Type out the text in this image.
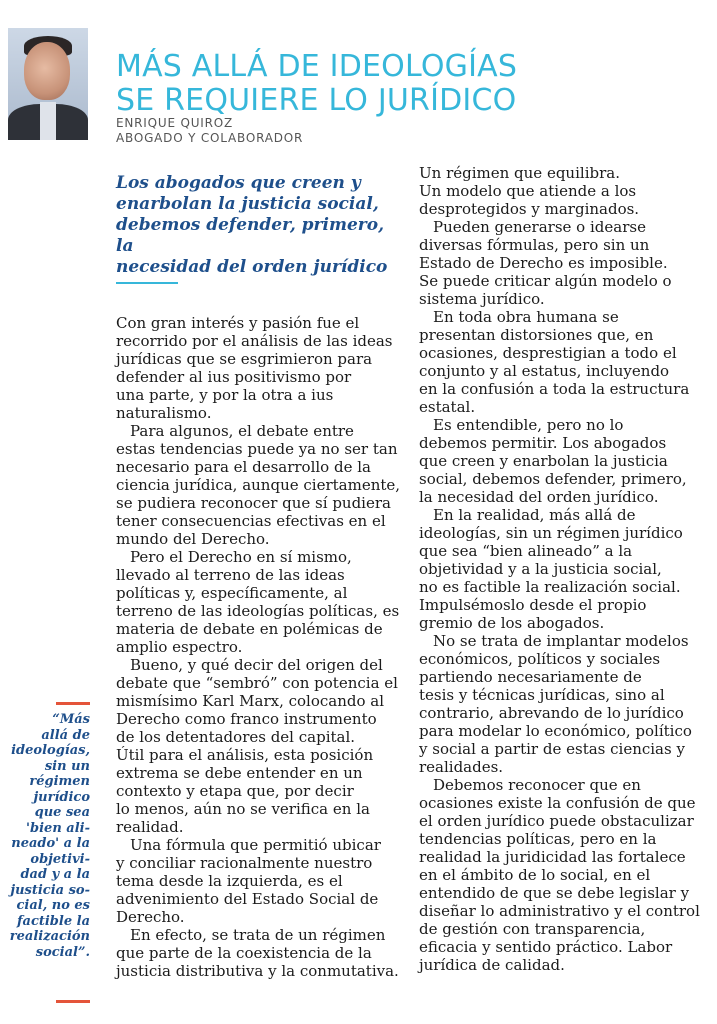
MÁS ALLÁ DE IDEOLOGÍAS
SE REQUIERE LO JURÍDICO
ENRIQUE QUIROZ
ABOGADO Y COLABORADOR
Los abogados que creen y
enarbolan la justicia social,
debemos defender, primero, la
necesidad del orden jurídico
Con gran interés y pasión fue el
recorrido por el análisis de las ideas
jurídicas que se esgrimieron para
defender al ius positivismo por
una parte, y por la otra a ius
naturalismo.
Para algunos, el debate entre
estas tendencias puede ya no ser tan
necesario para el desarrollo de la
ciencia jurídica, aunque ciertamente,
se pudiera reconocer que sí pudiera
tener consecuencias efectivas en el
mundo del Derecho.
Pero el Derecho en sí mismo,
llevado al terreno de las ideas
políticas y, específicamente, al
terreno de las ideologías políticas, es
materia de debate en polémicas de
amplio espectro.
Bueno, y qué decir del origen del
debate que “sembró” con potencia el
mismísimo Karl Marx, colocando al
Derecho como franco instrumento
de los detentadores del capital.
Útil para el análisis, esta posición
extrema se debe entender en un
contexto y etapa que, por decir
lo menos, aún no se verifica en la
realidad.
Una fórmula que permitió ubicar
y conciliar racionalmente nuestro
tema desde la izquierda, es el
advenimiento del Estado Social de
Derecho.
En efecto, se trata de un régimen
que parte de la coexistencia de la
justicia distributiva y la conmutativa.
Un régimen que equilibra.
Un modelo que atiende a los
desprotegidos y marginados.
Pueden generarse o idearse
diversas fórmulas, pero sin un
Estado de Derecho es imposible.
Se puede criticar algún modelo o
sistema jurídico.
En toda obra humana se
presentan distorsiones que, en
ocasiones, desprestigian a todo el
conjunto y al estatus, incluyendo
en la confusión a toda la estructura
estatal.
Es entendible, pero no lo
debemos permitir. Los abogados
que creen y enarbolan la justicia
social, debemos defender, primero,
la necesidad del orden jurídico.
En la realidad, más allá de
ideologías, sin un régimen jurídico
que sea “bien alineado” a la
objetividad y a la justicia social,
no es factible la realización social.
Impulsémoslo desde el propio
gremio de los abogados.
No se trata de implantar modelos
económicos, políticos y sociales
partiendo necesariamente de
tesis y técnicas jurídicas, sino al
contrario, abrevando de lo jurídico
para modelar lo económico, político
y social a partir de estas ciencias y
realidades.
Debemos reconocer que en
ocasiones existe la confusión de que
el orden jurídico puede obstaculizar
tendencias políticas, pero en la
realidad la juridicidad las fortalece
en el ámbito de lo social, en el
entendido de que se debe legislar y
diseñar lo administrativo y el control
de gestión con transparencia,
eficacia y sentido práctico. Labor
jurídica de calidad.
“Más
allá de
ideologías,
sin un
régimen
jurídico
que sea
'bien ali-
neado' a la
objetivi-
dad y a la
justicia so-
cial, no es
factible la
realización
social”.
